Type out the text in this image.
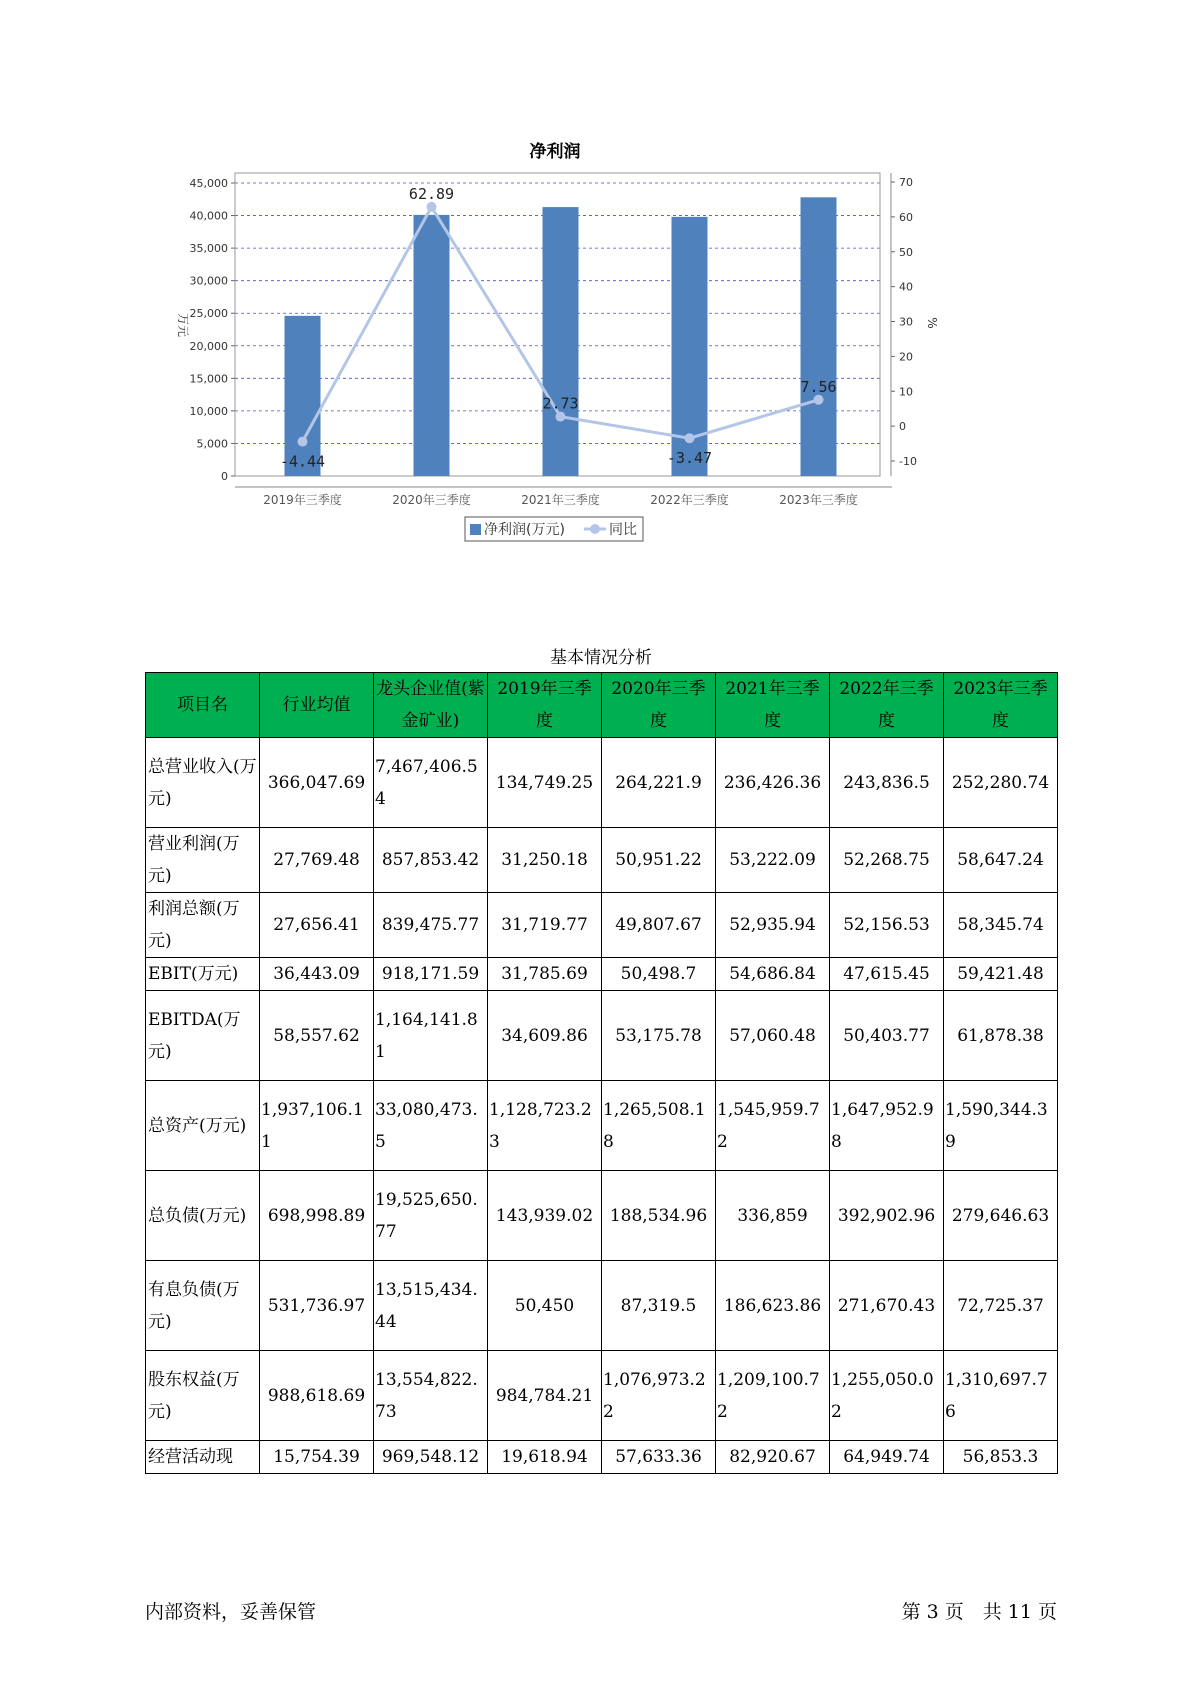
净利润
-4.44
62.89
2.73
-3.47
7.56
0
5,000
10,000
15,000
20,000
25,000
30,000
35,000
40,000
45,000
-10
0
10
20
30
40
50
60
70
2019年三季度	2020年三季度	2021年三季度	2022年三季度	2023年三季度
万元	%
净利润(万元)	同比
基本情况分析
项目名	行业均值	龙头企业值(紫金矿业)	2019年三季度	2020年三季度	2021年三季度	2022年三季度	2023年三季度
总营业收入(万元)	366,047.69	7,467,406.54	134,749.25	264,221.9	236,426.36	243,836.5	252,280.74
营业利润(万元)	27,769.48	857,853.42	31,250.18	50,951.22	53,222.09	52,268.75	58,647.24
利润总额(万元)	27,656.41	839,475.77	31,719.77	49,807.67	52,935.94	52,156.53	58,345.74
EBIT(万元)	36,443.09	918,171.59	31,785.69	50,498.7	54,686.84	47,615.45	59,421.48
EBITDA(万元)	58,557.62	1,164,141.81	34,609.86	53,175.78	57,060.48	50,403.77	61,878.38
总资产(万元)	1,937,106.11	33,080,473.5	1,128,723.23	1,265,508.18	1,545,959.72	1,647,952.98	1,590,344.39
总负债(万元)	698,998.89	19,525,650.77	143,939.02	188,534.96	336,859	392,902.96	279,646.63
有息负债(万元)	531,736.97	13,515,434.44	50,450	87,319.5	186,623.86	271,670.43	72,725.37
股东权益(万元)	988,618.69	13,554,822.73	984,784.21	1,076,973.22	1,209,100.72	1,255,050.02	1,310,697.76
经营活动现	15,754.39	969,548.12	19,618.94	57,633.36	82,920.67	64,949.74	56,853.3
内部资料，妥善保管	第 3 页　共 11 页
